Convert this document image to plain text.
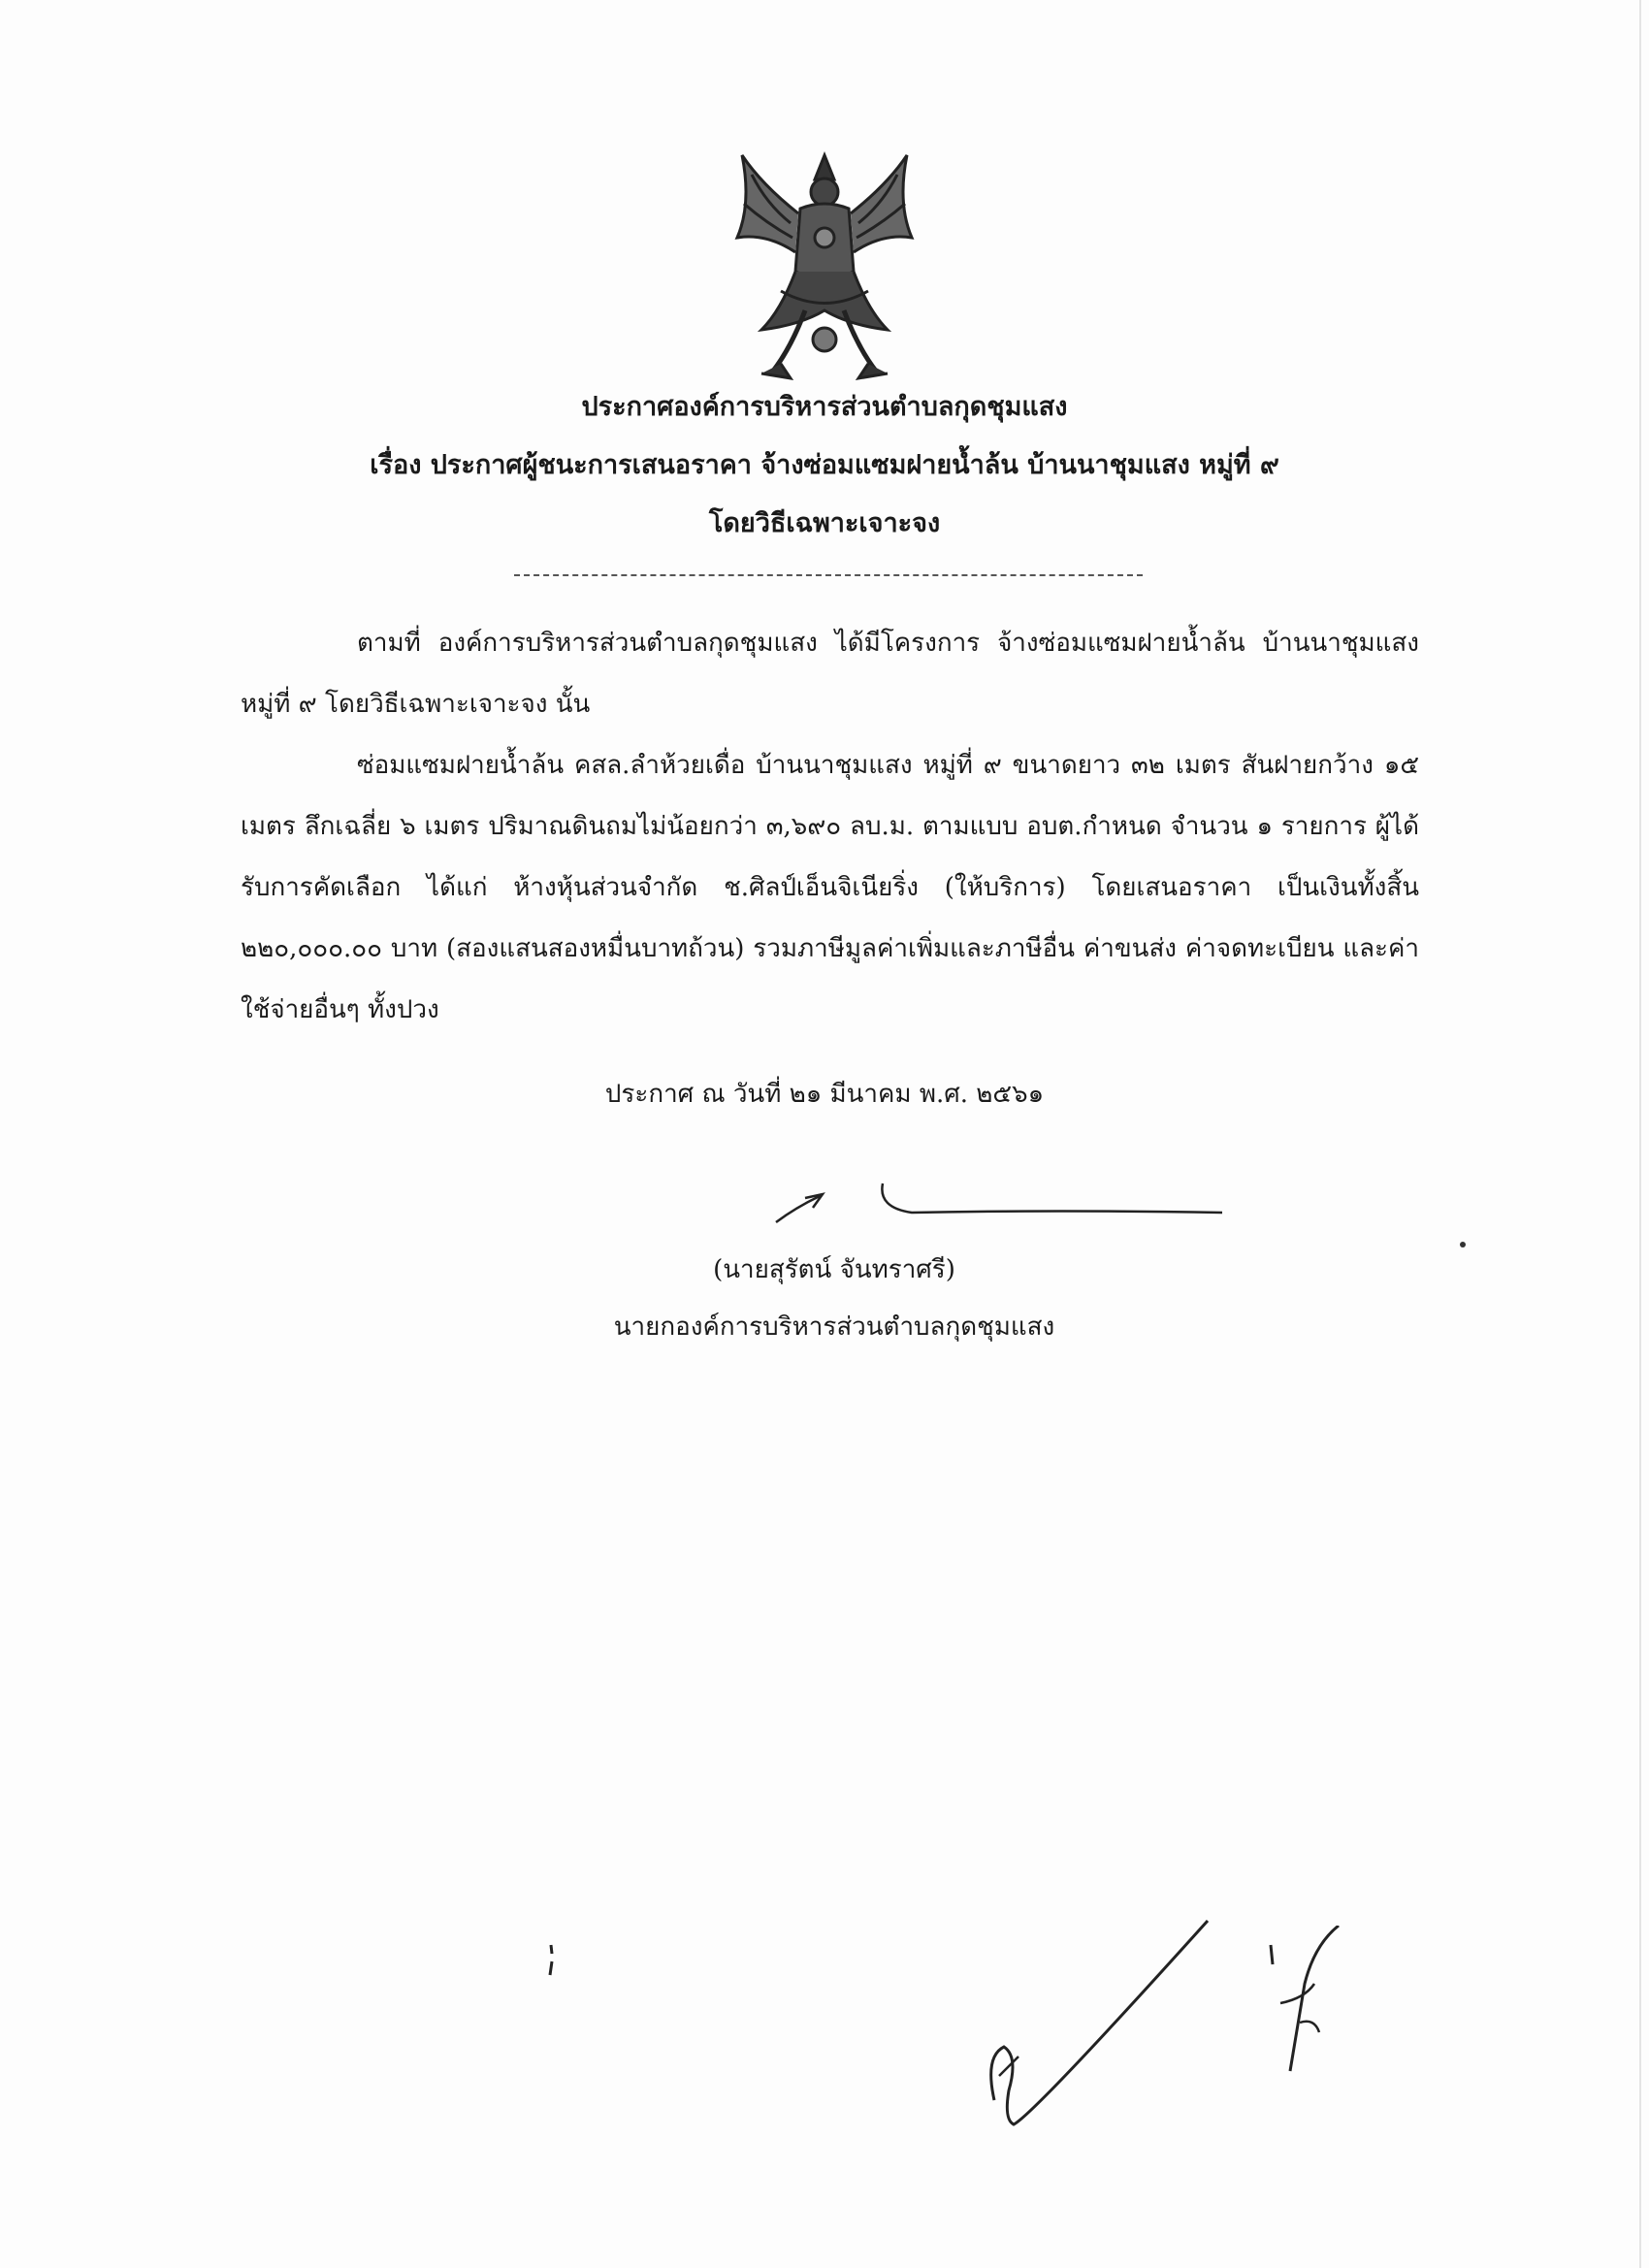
ประกาศองค์การบริหารส่วนตำบลกุดชุมแสง
เรื่อง ประกาศผู้ชนะการเสนอราคา จ้างซ่อมแซมฝายน้ำล้น บ้านนาชุมแสง หมู่ที่ ๙
โดยวิธีเฉพาะเจาะจง
ตามที่ องค์การบริหารส่วนตำบลกุดชุมแสง ได้มีโครงการ จ้างซ่อมแซมฝายน้ำล้น บ้านนาชุมแสง หมู่ที่ ๙ โดยวิธีเฉพาะเจาะจง นั้น
ซ่อมแซมฝายน้ำล้น คสล.ลำห้วยเดื่อ บ้านนาชุมแสง หมู่ที่ ๙ ขนาดยาว ๓๒ เมตร สันฝายกว้าง ๑๕ เมตร ลึกเฉลี่ย ๖ เมตร ปริมาณดินถมไม่น้อยกว่า ๓,๖๙๐ ลบ.ม. ตามแบบ อบต.กำหนด จำนวน ๑ รายการ ผู้ได้รับการคัดเลือก ได้แก่ ห้างหุ้นส่วนจำกัด ช.ศิลป์เอ็นจิเนียริ่ง (ให้บริการ) โดยเสนอราคา เป็นเงินทั้งสิ้น ๒๒๐,๐๐๐.๐๐ บาท (สองแสนสองหมื่นบาทถ้วน) รวมภาษีมูลค่าเพิ่มและภาษีอื่น ค่าขนส่ง ค่าจดทะเบียน และค่าใช้จ่ายอื่นๆ ทั้งปวง
ประกาศ ณ วันที่ ๒๑ มีนาคม พ.ศ. ๒๕๖๑
(นายสุรัตน์ จันทราศรี)
นายกองค์การบริหารส่วนตำบลกุดชุมแสง
